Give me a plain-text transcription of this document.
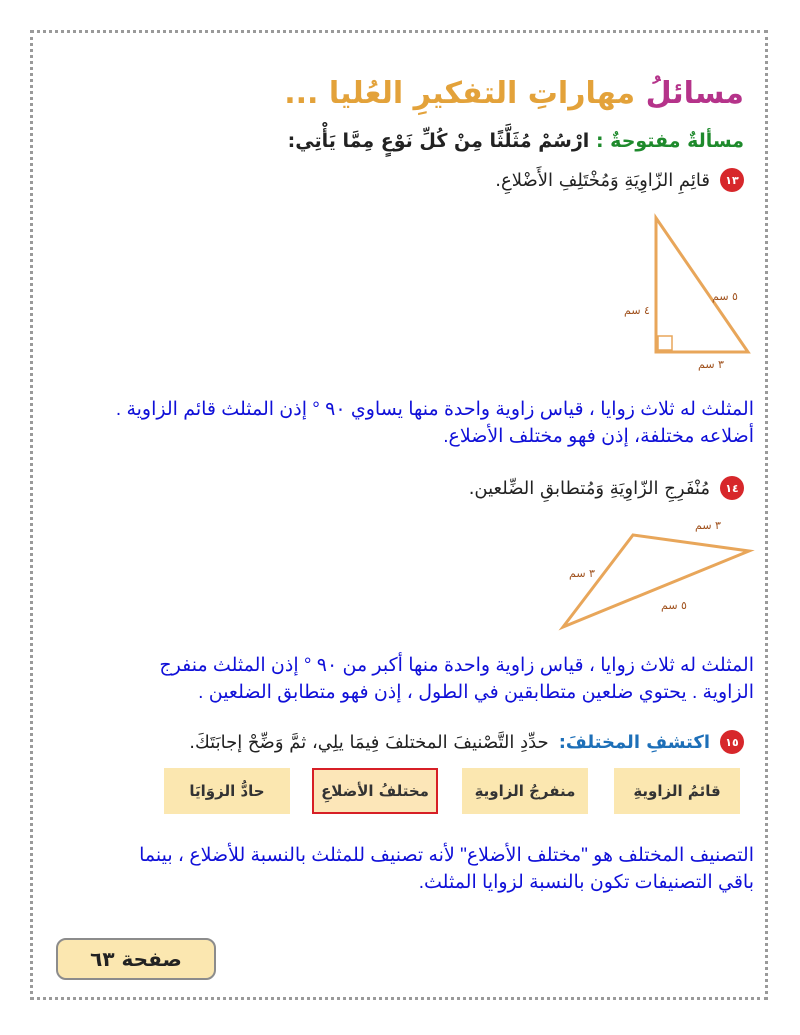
مسائلُ مهاراتِ التفكيرِ العُليا ...
مسألةٌ مفتوحةٌ : ارْسُمْ مُثَلَّثًا مِنْ كُلِّ نَوْعٍ مِمَّا يَأْتِي:
١٣
قائِمِ الزّاوِيَةِ وَمُخْتَلِفِ الأَضْلاعِ.
٤ سم
٥ سم
٣ سم
المثلث له ثلاث زوايا ، قياس زاوية واحدة منها يساوي ٩٠ ° إذن المثلث قائم الزاوية .
أضلاعه مختلفة، إذن فهو مختلف الأضلاع.
١٤
مُنْفَرِجِ الزّاوِيَةِ وَمُتطابقِ الضِّلعين.
٣ سم
٣ سم
٥ سم
المثلث له ثلاث زوايا ، قياس زاوية واحدة منها أكبر من ٩٠ ° إذن المثلث منفرج
الزاوية . يحتوي ضلعين متطابقين في الطول ، إذن فهو متطابق الضلعين .
١٥
اكتشفِ المختلفَ:
حدِّدِ التَّصْنيفَ المختلفَ فِيمَا يلِي، ثمَّ وَضِّحْ إجابَتَكَ.
قائمُ الزاويةِ
منفرجُ الزاويةِ
مختلفُ الأضلاعِ
حادُّ الزوَايَا
التصنيف المختلف هو "مختلف الأضلاع" لأنه تصنيف للمثلث بالنسبة للأضلاع ، بينما
باقي التصنيفات تكون بالنسبة لزوايا المثلث.
صفحة ٦٣
